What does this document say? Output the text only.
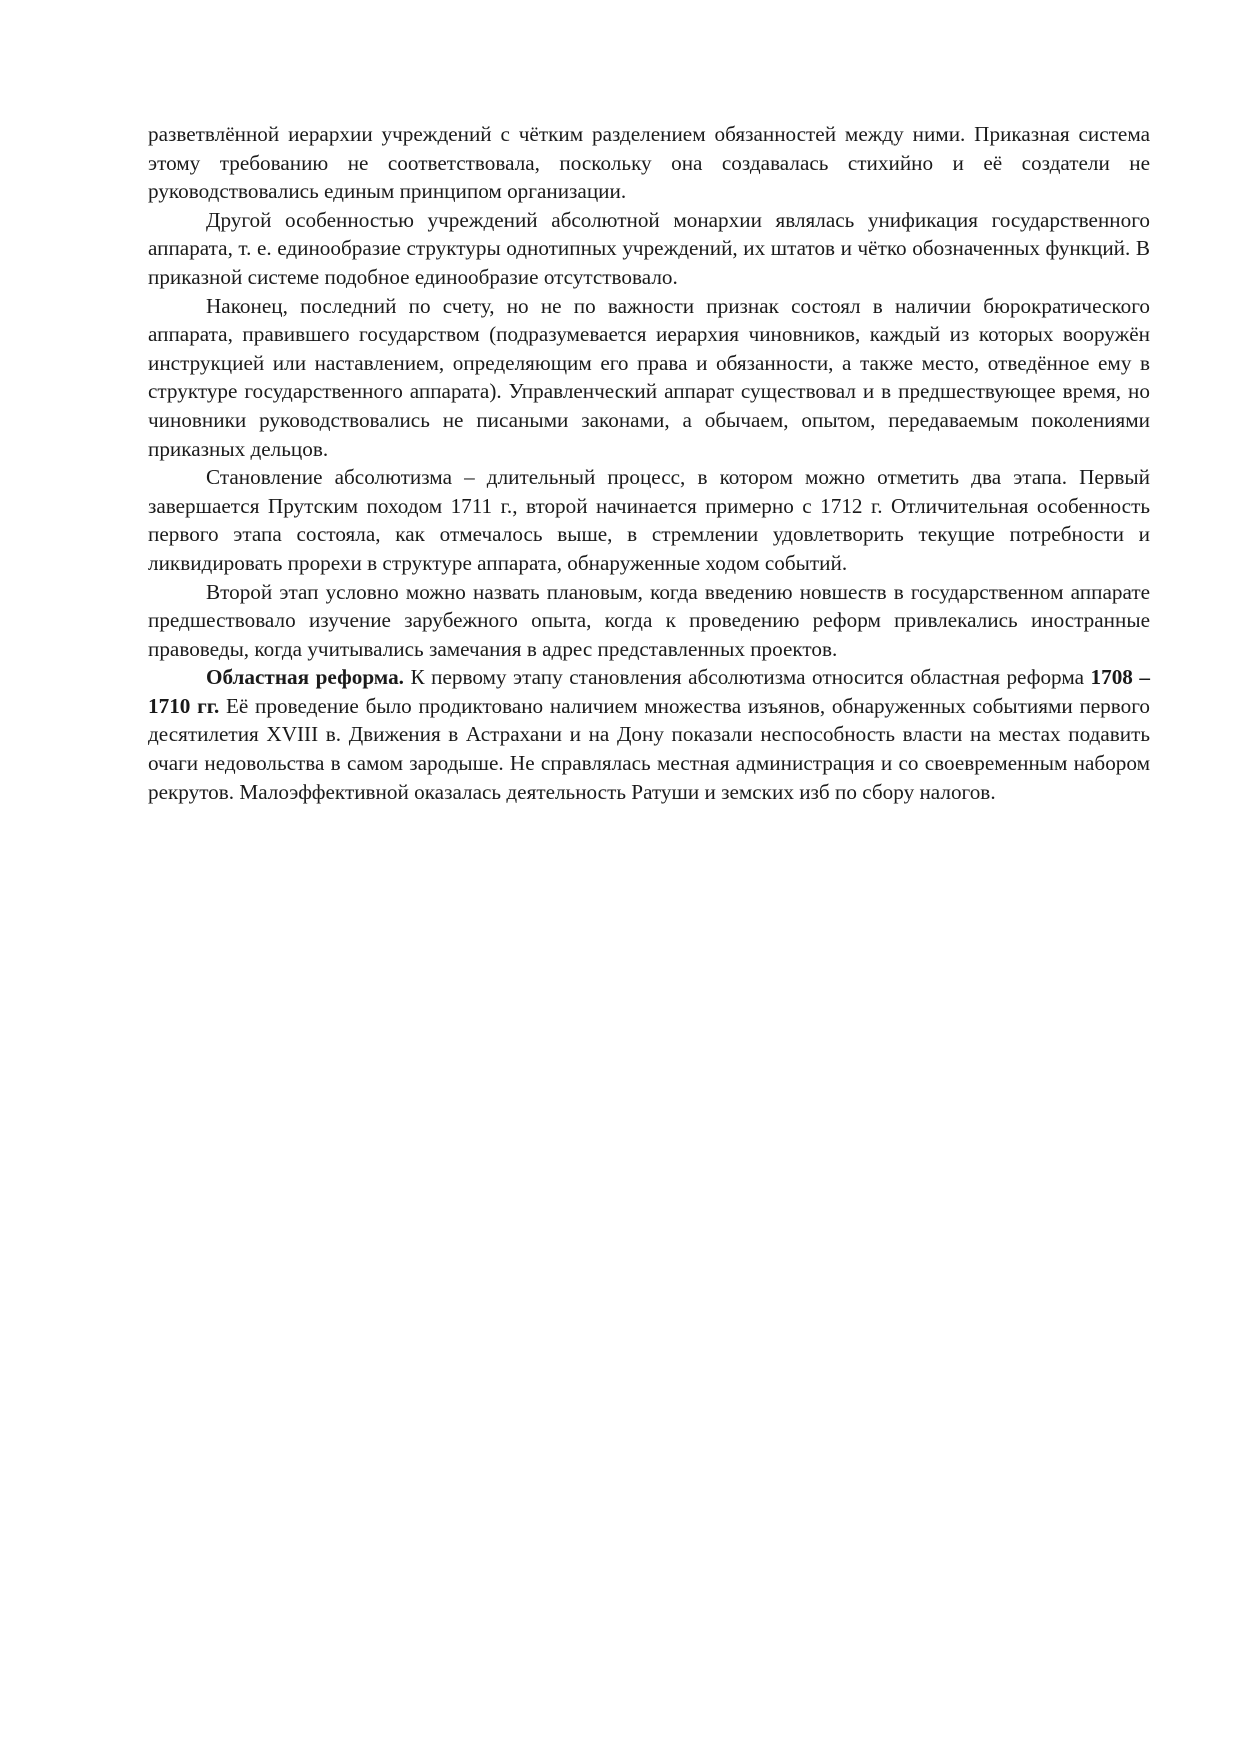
разветвлённой иерархии учреждений с чётким разделением обязанностей между ними. Приказная система этому требованию не соответствовала, поскольку она создавалась стихийно и её создатели не руководствовались единым принципом организации.

Другой особенностью учреждений абсолютной монархии являлась унификация государственного аппарата, т. е. единообразие структуры однотипных учреждений, их штатов и чётко обозначенных функций. В приказной системе подобное единообразие отсутствовало.

Наконец, последний по счету, но не по важности признак состоял в наличии бюрократического аппарата, правившего государством (подразумевается иерархия чиновников, каждый из которых вооружён инструкцией или наставлением, определяющим его права и обязанности, а также место, отведённое ему в структуре государственного аппарата). Управленческий аппарат существовал и в предшествующее время, но чиновники руководствовались не писаными законами, а обычаем, опытом, передаваемым поколениями приказных дельцов.

Становление абсолютизма – длительный процесс, в котором можно отметить два этапа. Первый завершается Прутским походом 1711 г., второй начинается примерно с 1712 г. Отличительная особенность первого этапа состояла, как отмечалось выше, в стремлении удовлетворить текущие потребности и ликвидировать прорехи в структуре аппарата, обнаруженные ходом событий.

Второй этап условно можно назвать плановым, когда введению новшеств в государственном аппарате предшествовало изучение зарубежного опыта, когда к проведению реформ привлекались иностранные правоведы, когда учитывались замечания в адрес представленных проектов.

Областная реформа. К первому этапу становления абсолютизма относится областная реформа 1708 – 1710 гг. Её проведение было продиктовано наличием множества изъянов, обнаруженных событиями первого десятилетия XVIII в. Движения в Астрахани и на Дону показали неспособность власти на местах подавить очаги недовольства в самом зародыше. Не справлялась местная администрация и со своевременным набором рекрутов. Малоэффективной оказалась деятельность Ратуши и земских изб по сбору налогов.
